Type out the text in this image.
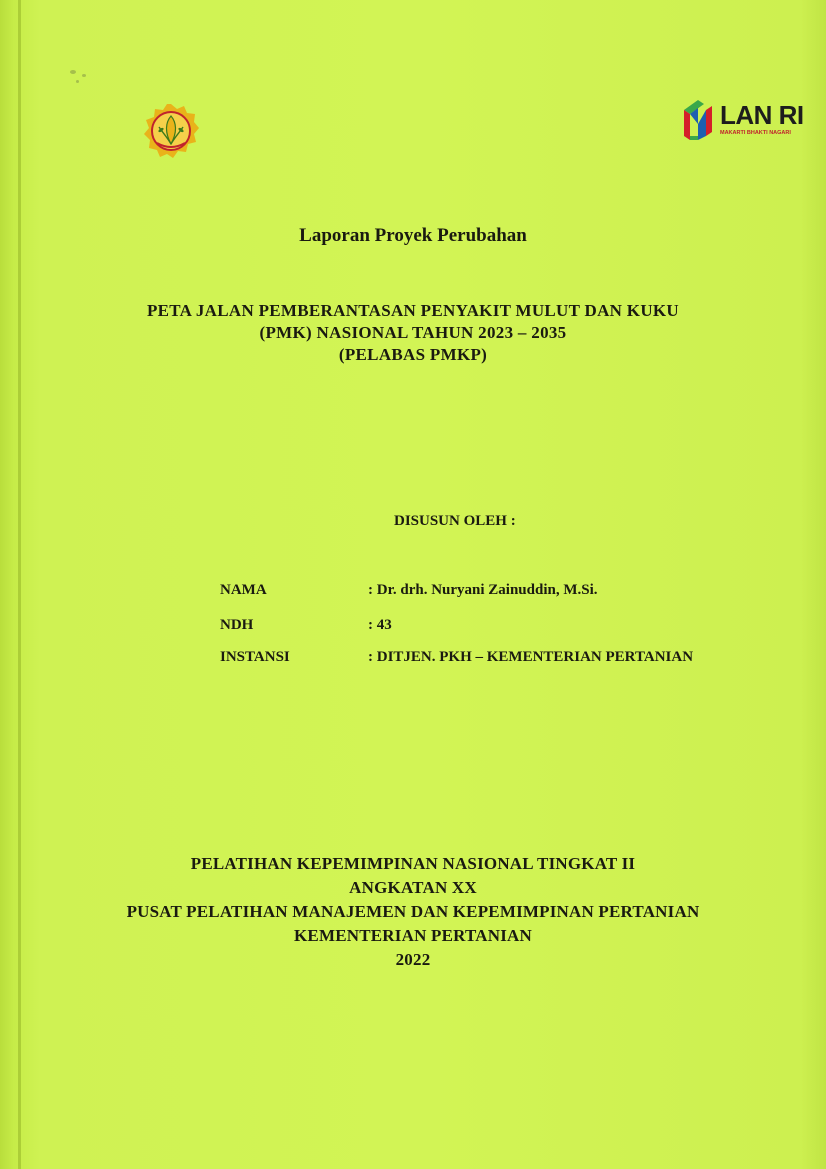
LAN RI
MAKARTI BHAKTI NAGARI
Laporan Proyek Perubahan
PETA JALAN PEMBERANTASAN PENYAKIT MULUT DAN KUKU
(PMK) NASIONAL TAHUN 2023 – 2035
(PELABAS PMKP)
DISUSUN OLEH :
NAMA	: Dr. drh. Nuryani Zainuddin, M.Si.
NDH	: 43
INSTANSI	: DITJEN. PKH – KEMENTERIAN PERTANIAN
PELATIHAN KEPEMIMPINAN NASIONAL TINGKAT II
ANGKATAN XX
PUSAT PELATIHAN MANAJEMEN DAN KEPEMIMPINAN PERTANIAN
KEMENTERIAN PERTANIAN
2022
